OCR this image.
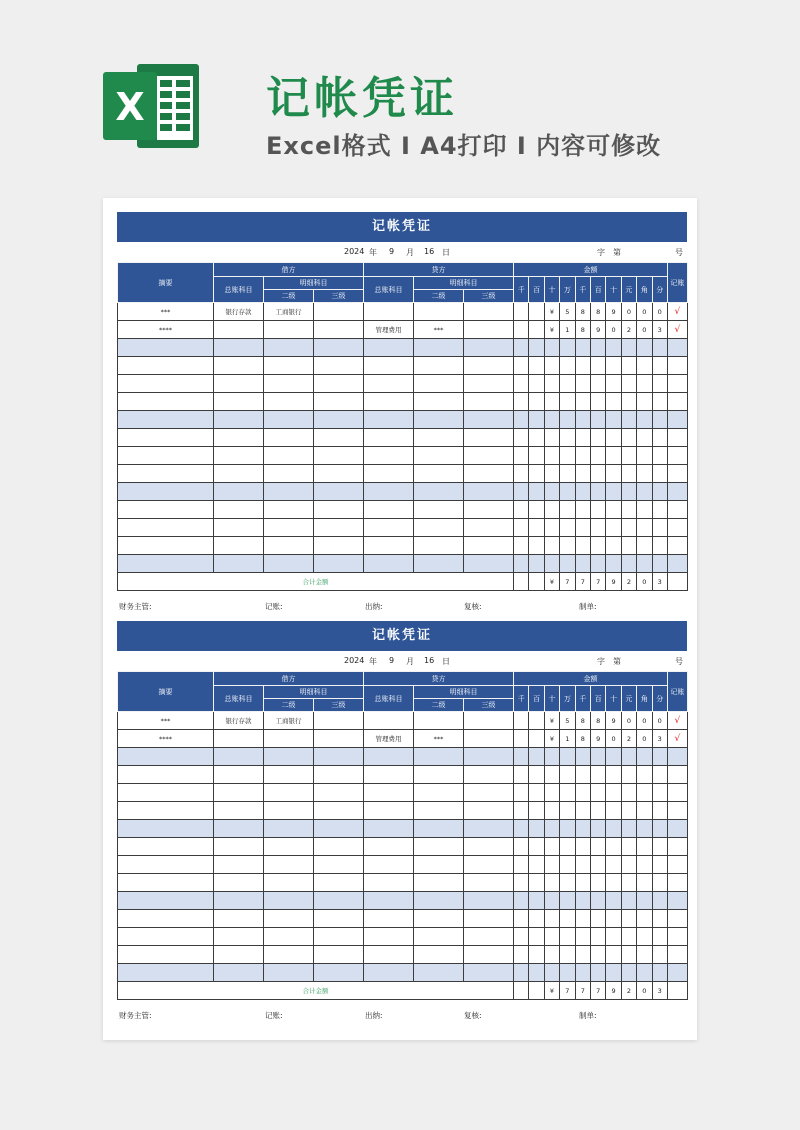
X	记帐凭证
Excel格式 I A4打印 I 内容可修改
记帐凭证
2024 年 9 月 16 日	字 第	号
摘要	借方			贷方			金额										记账
	总账科目	明细科目		总账科目	明细科目		千	百	十	万	千	百	十	元	角	分	
		二级	三级		二级	三级											
***	银行存款	工商银行							¥	5	8	8	9	0	0	0	√
****				管理费用	***				¥	1	8	9	0	2	0	3	√

合计金额									¥	7	7	7	9	2	0	3	
财务主管:	记账:	出纳:	复核:	制单:
记帐凭证
2024 年 9 月 16 日	字 第	号
摘要	借方			贷方			金额										记账
	总账科目	明细科目		总账科目	明细科目		千	百	十	万	千	百	十	元	角	分	
		二级	三级		二级	三级											
***	银行存款	工商银行							¥	5	8	8	9	0	0	0	√
****				管理费用	***				¥	1	8	9	0	2	0	3	√

合计金额									¥	7	7	7	9	2	0	3	
财务主管:	记账:	出纳:	复核:	制单:
